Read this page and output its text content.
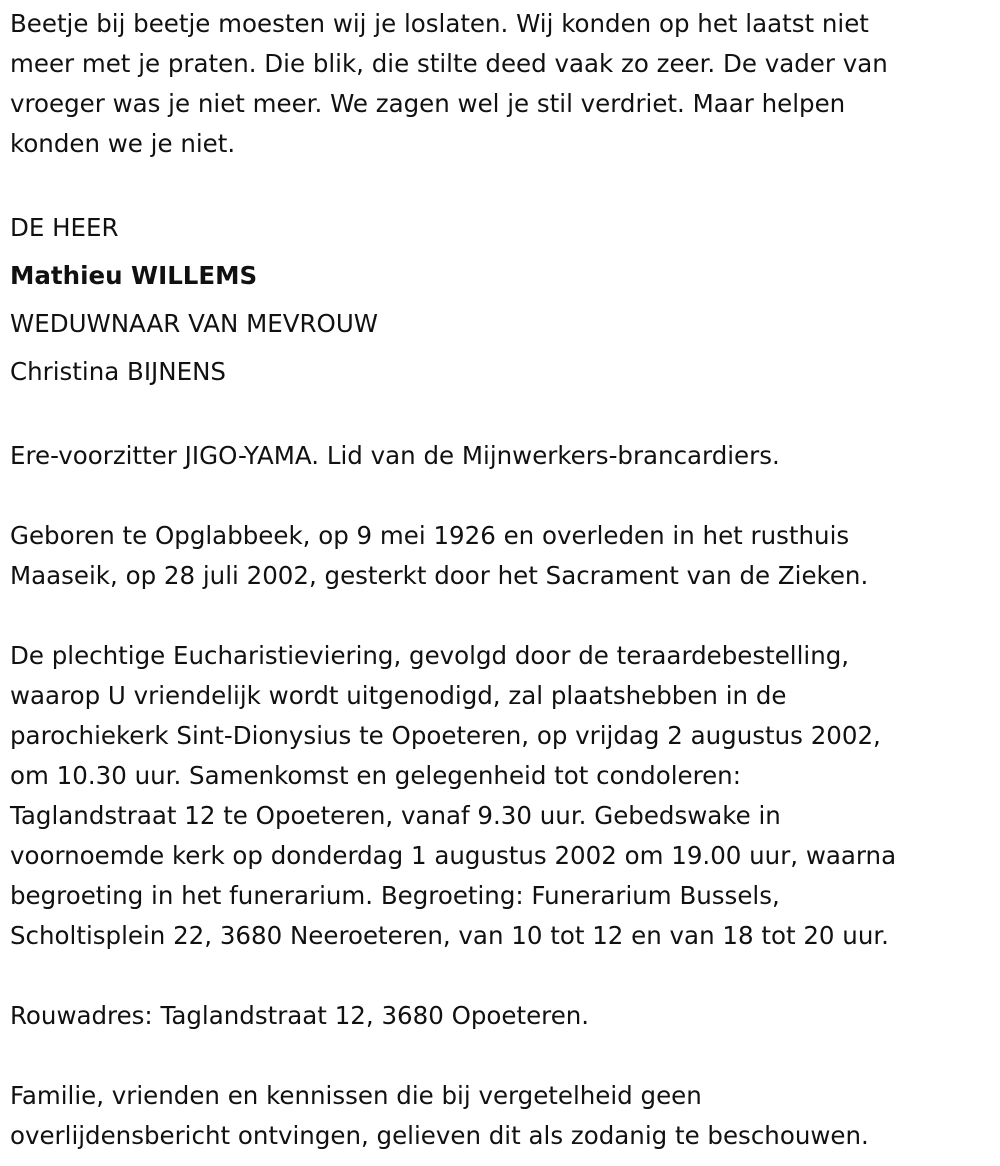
Beetje bij beetje moesten wij je loslaten. Wij konden op het laatst niet

meer met je praten. Die blik, die stilte deed vaak zo zeer. De vader van

vroeger was je niet meer. We zagen wel je stil verdriet. Maar helpen

konden we je niet.

DE HEER

Mathieu WILLEMS

WEDUWNAAR VAN MEVROUW

Christina BIJNENS

Ere-voorzitter JIGO-YAMA. Lid van de Mijnwerkers-brancardiers.

Geboren te Opglabbeek, op 9 mei 1926 en overleden in het rusthuis

Maaseik, op 28 juli 2002, gesterkt door het Sacrament van de Zieken.

De plechtige Eucharistieviering, gevolgd door de teraardebestelling,

waarop U vriendelijk wordt uitgenodigd, zal plaatshebben in de

parochiekerk Sint-Dionysius te Opoeteren, op vrijdag 2 augustus 2002,

om 10.30 uur. Samenkomst en gelegenheid tot condoleren:

Taglandstraat 12 te Opoeteren, vanaf 9.30 uur. Gebedswake in

voornoemde kerk op donderdag 1 augustus 2002 om 19.00 uur, waarna

begroeting in het funerarium. Begroeting: Funerarium Bussels,

Scholtisplein 22, 3680 Neeroeteren, van 10 tot 12 en van 18 tot 20 uur.

Rouwadres: Taglandstraat 12, 3680 Opoeteren.

Familie, vrienden en kennissen die bij vergetelheid geen

overlijdensbericht ontvingen, gelieven dit als zodanig te beschouwen.
